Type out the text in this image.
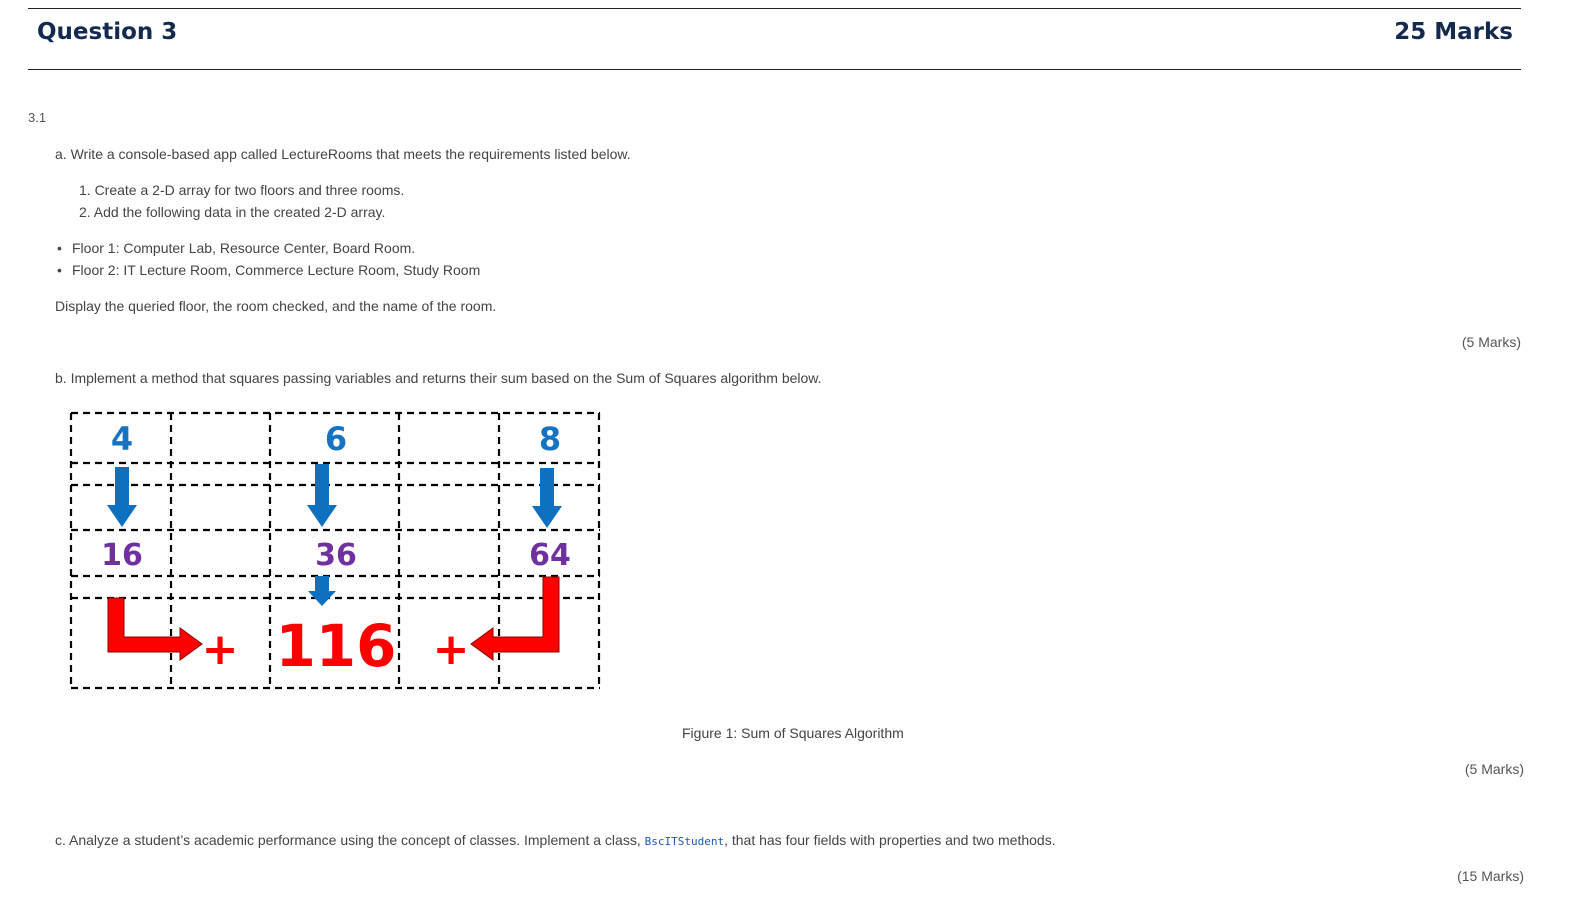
Question 3	25 Marks
3.1
a. Write a console-based app called LectureRooms that meets the requirements listed below.
1. Create a 2-D array for two floors and three rooms.
2. Add the following data in the created 2-D array.
• Floor 1: Computer Lab, Resource Center, Board Room.
• Floor 2: IT Lecture Room, Commerce Lecture Room, Study Room
Display the queried floor, the room checked, and the name of the room.
(5 Marks)
b. Implement a method that squares passing variables and returns their sum based on the Sum of Squares algorithm below.
4	6	8
16	36	64
+	+
116
Figure 1: Sum of Squares Algorithm
(5 Marks)
c. Analyze a student’s academic performance using the concept of classes. Implement a class, BscITStudent, that has four fields with properties and two methods.
(15 Marks)
